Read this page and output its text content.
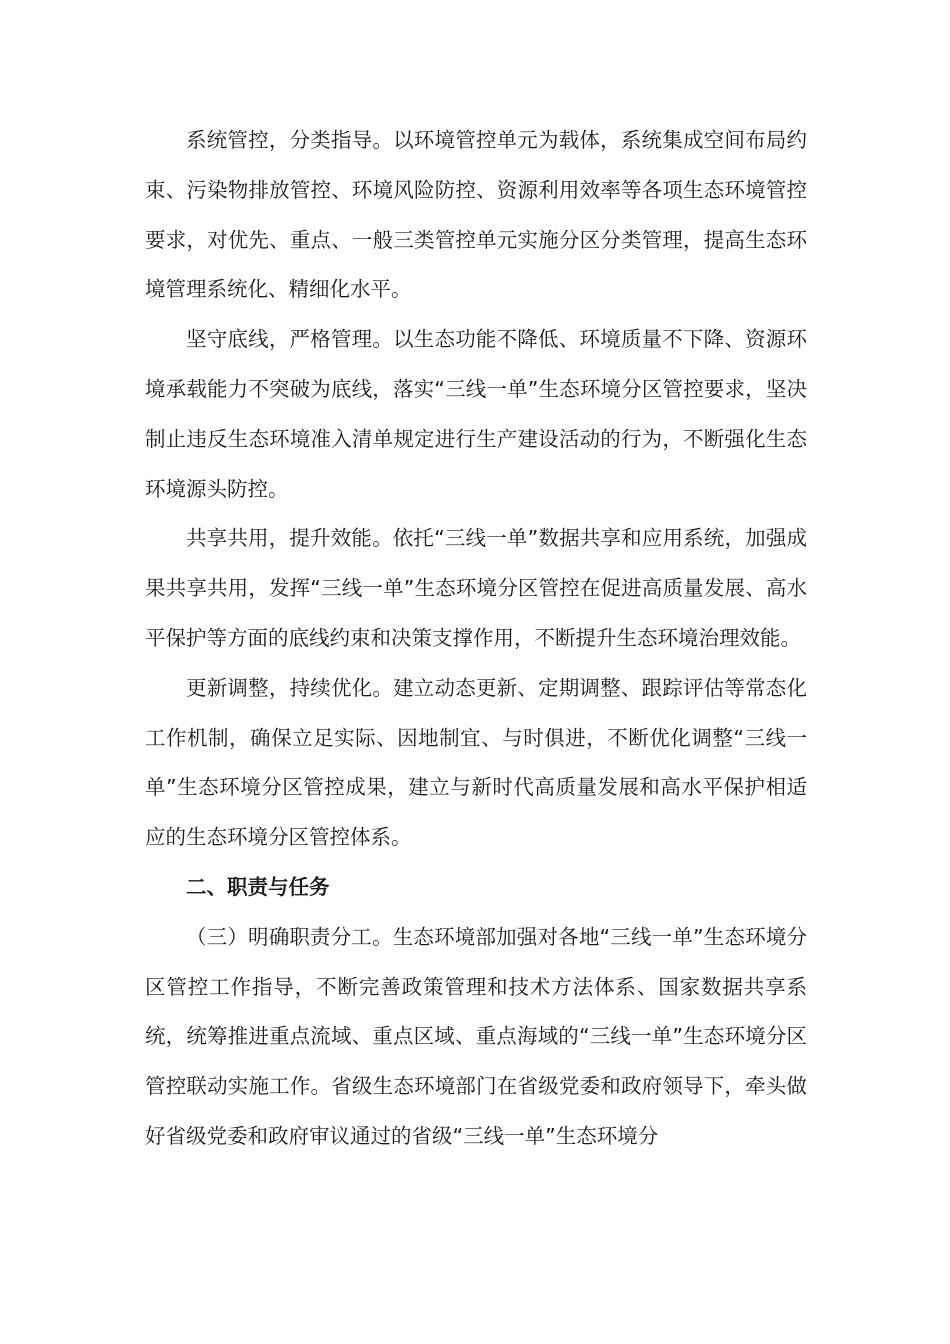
系统管控，分类指导。以环境管控单元为载体，系统集成空间布局约束、污染物排放管控、环境风险防控、资源利用效率等各项生态环境管控要求，对优先、重点、一般三类管控单元实施分区分类管理，提高生态环境管理系统化、精细化水平。

坚守底线，严格管理。以生态功能不降低、环境质量不下降、资源环境承载能力不突破为底线，落实“三线一单”生态环境分区管控要求，坚决制止违反生态环境准入清单规定进行生产建设活动的行为，不断强化生态环境源头防控。

共享共用，提升效能。依托“三线一单”数据共享和应用系统，加强成果共享共用，发挥“三线一单”生态环境分区管控在促进高质量发展、高水平保护等方面的底线约束和决策支撑作用，不断提升生态环境治理效能。

更新调整，持续优化。建立动态更新、定期调整、跟踪评估等常态化工作机制，确保立足实际、因地制宜、与时俱进，不断优化调整“三线一单”生态环境分区管控成果，建立与新时代高质量发展和高水平保护相适应的生态环境分区管控体系。

二、职责与任务

（三）明确职责分工。生态环境部加强对各地“三线一单”生态环境分区管控工作指导，不断完善政策管理和技术方法体系、国家数据共享系统，统筹推进重点流域、重点区域、重点海域的“三线一单”生态环境分区管控联动实施工作。省级生态环境部门在省级党委和政府领导下，牵头做好省级党委和政府审议通过的省级“三线一单”生态环境分
